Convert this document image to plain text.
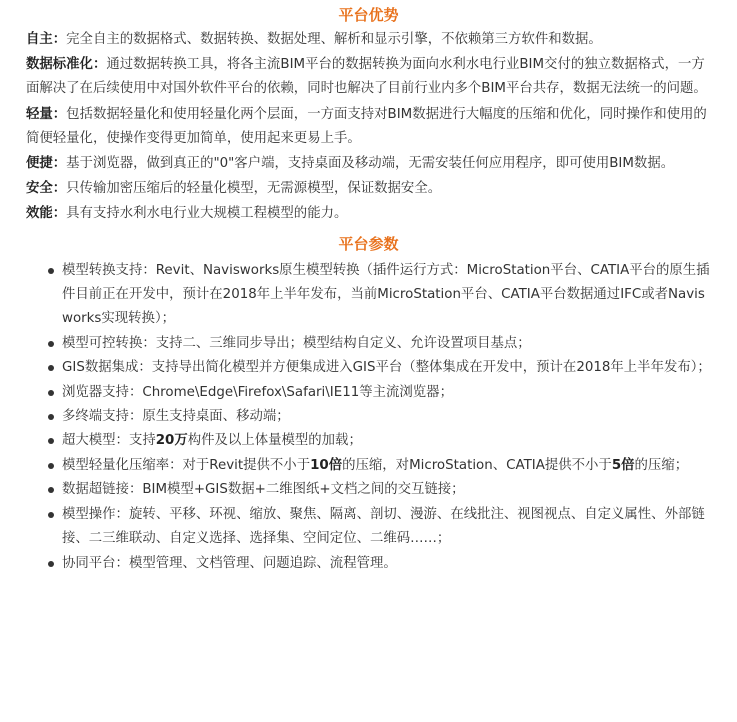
平台优势

自主：完全自主的数据格式、数据转换、数据处理、解析和显示引擎，不依赖第三方软件和数据。

数据标准化：通过数据转换工具，将各主流BIM平台的数据转换为面向水利水电行业BIM交付的独立数据格式，一方面解决了在后续使用中对国外软件平台的依赖，同时也解决了目前行业内多个BIM平台共存，数据无法统一的问题。

轻量：包括数据轻量化和使用轻量化两个层面，一方面支持对BIM数据进行大幅度的压缩和优化，同时操作和使用的简便轻量化，使操作变得更加简单，使用起来更易上手。

便捷：基于浏览器，做到真正的"0"客户端，支持桌面及移动端，无需安装任何应用程序，即可使用BIM数据。

安全：只传输加密压缩后的轻量化模型，无需源模型，保证数据安全。

效能：具有支持水利水电行业大规模工程模型的能力。

平台参数
模型转换支持：Revit、Navisworks原生模型转换（插件运行方式：MicroStation平台、CATIA平台的原生插件目前正在开发中，预计在2018年上半年发布，当前MicroStation平台、CATIA平台数据通过IFC或者Navisworks实现转换）；
模型可控转换：支持二、三维同步导出；模型结构自定义、允许设置项目基点；
GIS数据集成：支持导出简化模型并方便集成进入GIS平台（整体集成在开发中，预计在2018年上半年发布）；
浏览器支持：Chrome\Edge\Firefox\Safari\IE11等主流浏览器；
多终端支持：原生支持桌面、移动端；
超大模型：支持20万构件及以上体量模型的加载；
模型轻量化压缩率：对于Revit提供不小于10倍的压缩，对MicroStation、CATIA提供不小于5倍的压缩；
数据超链接：BIM模型+GIS数据+二维图纸+文档之间的交互链接；
模型操作：旋转、平移、环视、缩放、聚焦、隔离、剖切、漫游、在线批注、视图视点、自定义属性、外部链接、二三维联动、自定义选择、选择集、空间定位、二维码……；
协同平台：模型管理、文档管理、问题追踪、流程管理。
